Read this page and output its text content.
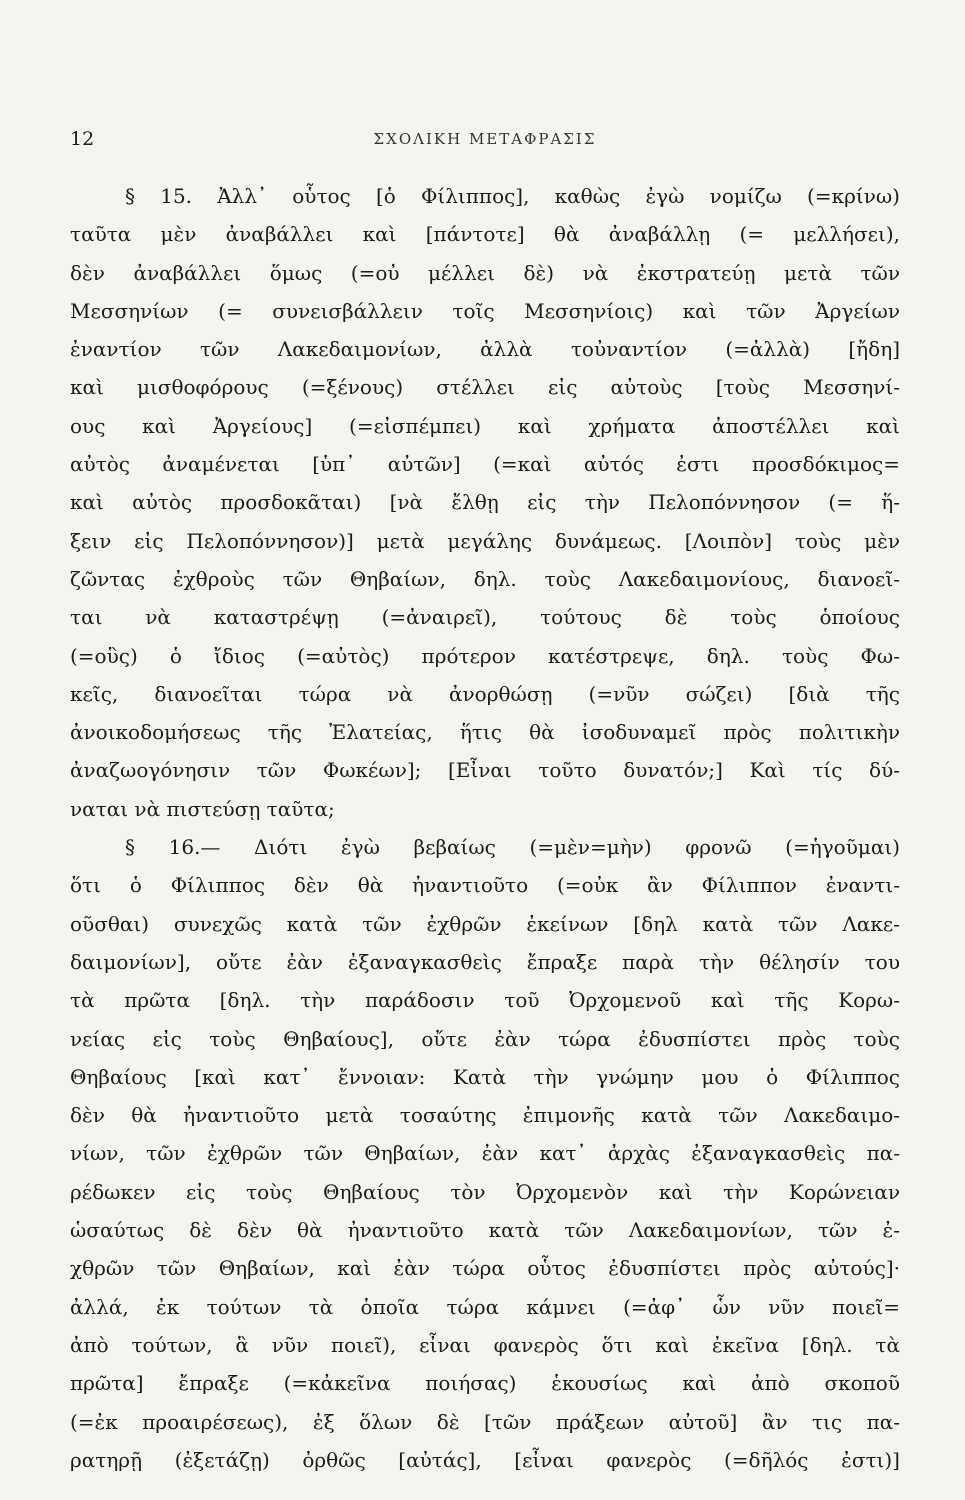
12	ΣΧΟΛΙΚΗ ΜΕΤΑΦΡΑΣΙΣ
§ 15. Ἀλλ᾽ οὗτος [ὁ Φίλιππος], καθὼς ἐγὼ νομίζω (=κρίνω)
ταῦτα μὲν ἀναβάλλει καὶ [πάντοτε] θὰ ἀναβάλλῃ (= μελλήσει),
δὲν ἀναβάλλει ὅμως (=οὐ μέλλει δὲ) νὰ ἐκστρατεύῃ μετὰ τῶν
Μεσσηνίων (= συνεισβάλλειν τοῖς Μεσσηνίοις) καὶ τῶν Ἀργείων
ἐναντίον τῶν Λακεδαιμονίων, ἀλλὰ τοὐναντίον (=ἀλλὰ) [ἤδη]
καὶ μισθοφόρους (=ξένους) στέλλει εἰς αὐτοὺς [τοὺς Μεσσηνί-
ους καὶ Ἀργείους] (=εἰσπέμπει) καὶ χρήματα ἀποστέλλει καὶ
αὐτὸς ἀναμένεται [ὑπ᾽ αὐτῶν] (=καὶ αὐτός ἐστι προσδόκιμος=
καὶ αὐτὸς προσδοκᾶται) [νὰ ἔλθῃ εἰς τὴν Πελοπόννησον (= ἥ-
ξειν εἰς Πελοπόννησον)] μετὰ μεγάλης δυνάμεως. [Λοιπὸν] τοὺς μὲν
ζῶντας ἐχθροὺς τῶν Θηβαίων, δηλ. τοὺς Λακεδαιμονίους, διανοεῖ-
ται νὰ καταστρέψῃ (=ἀναιρεῖ), τούτους δὲ τοὺς ὁποίους
(=οὓς) ὁ ἴδιος (=αὐτὸς) πρότερον κατέστρεψε, δηλ. τοὺς Φω-
κεῖς, διανοεῖται τώρα νὰ ἀνορθώσῃ (=νῦν σώζει) [διὰ τῆς
ἀνοικοδομήσεως τῆς Ἐλατείας, ἥτις θὰ ἰσοδυναμεῖ πρὸς πολιτικὴν
ἀναζωογόνησιν τῶν Φωκέων]; [Εἶναι τοῦτο δυνατόν;] Καὶ τίς δύ-
ναται νὰ πιστεύσῃ ταῦτα;
§ 16.— Διότι ἐγὼ βεβαίως (=μὲν=μὴν) φρονῶ (=ἡγοῦμαι)
ὅτι ὁ Φίλιππος δὲν θὰ ἠναντιοῦτο (=οὐκ ἂν Φίλιππον ἐναντι-
οῦσθαι) συνεχῶς κατὰ τῶν ἐχθρῶν ἐκείνων [δηλ κατὰ τῶν Λακε-
δαιμονίων], οὔτε ἐὰν ἐξαναγκασθεὶς ἔπραξε παρὰ τὴν θέλησίν του
τὰ πρῶτα [δηλ. τὴν παράδοσιν τοῦ Ὀρχομενοῦ καὶ τῆς Κορω-
νείας εἰς τοὺς Θηβαίους], οὔτε ἐὰν τώρα ἐδυσπίστει πρὸς τοὺς
Θηβαίους [καὶ κατ᾽ ἔννοιαν: Κατὰ τὴν γνώμην μου ὁ Φίλιππος
δὲν θὰ ἠναντιοῦτο μετὰ τοσαύτης ἐπιμονῆς κατὰ τῶν Λακεδαιμο-
νίων, τῶν ἐχθρῶν τῶν Θηβαίων, ἐὰν κατ᾽ ἀρχὰς ἐξαναγκασθεὶς πα-
ρέδωκεν εἰς τοὺς Θηβαίους τὸν Ὀρχομενὸν καὶ τὴν Κορώνειαν
ὡσαύτως δὲ δὲν θὰ ἠναντιοῦτο κατὰ τῶν Λακεδαιμονίων, τῶν ἐ-
χθρῶν τῶν Θηβαίων, καὶ ἐὰν τώρα οὗτος ἐδυσπίστει πρὸς αὐτούς]·
ἀλλά, ἐκ τούτων τὰ ὁποῖα τώρα κάμνει (=ἀφ᾽ ὧν νῦν ποιεῖ=
ἀπὸ τούτων, ἃ νῦν ποιεῖ), εἶναι φανερὸς ὅτι καὶ ἐκεῖνα [δηλ. τὰ
πρῶτα] ἔπραξε (=κἀκεῖνα ποιήσας) ἑκουσίως καὶ ἀπὸ σκοποῦ
(=ἐκ προαιρέσεως), ἐξ ὅλων δὲ [τῶν πράξεων αὐτοῦ] ἂν τις πα-
ρατηρῇ (ἐξετάζῃ) ὀρθῶς [αὐτάς], [εἶναι φανερὸς (=δῆλός ἐστι)]
